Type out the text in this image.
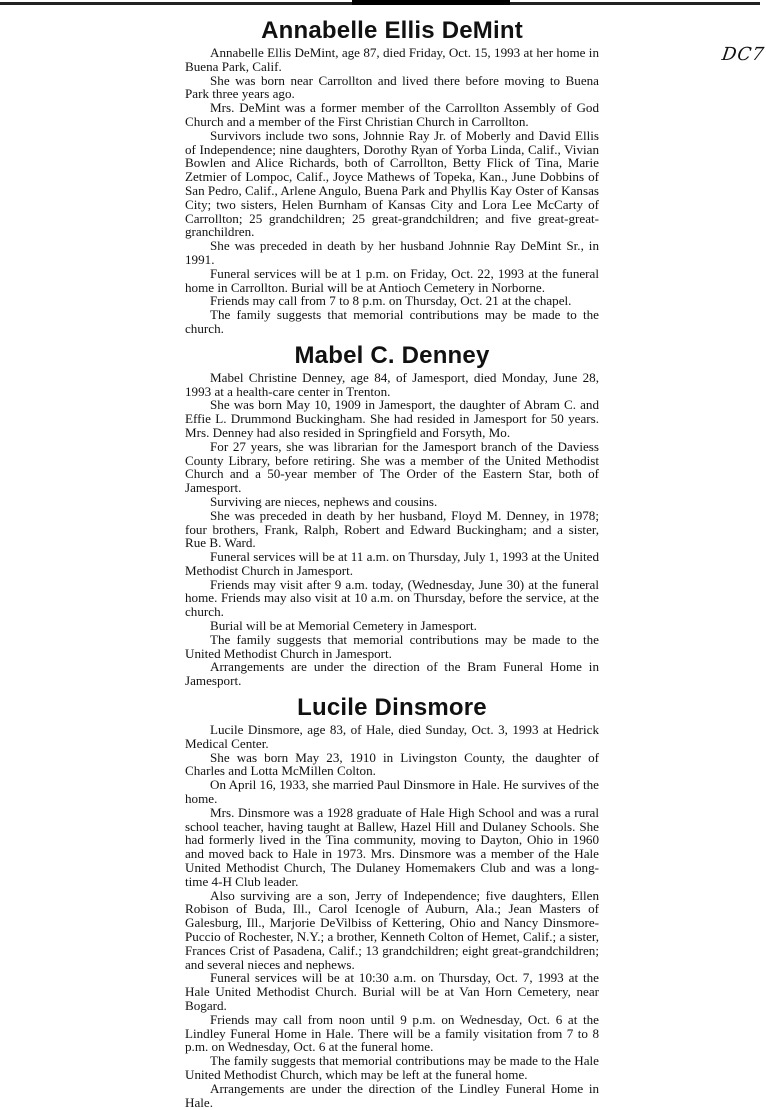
DC7
Annabelle Ellis DeMint

Annabelle Ellis DeMint, age 87, died Friday, Oct. 15, 1993 at her home in Buena Park, Calif.

She was born near Carrollton and lived there before moving to Buena Park three years ago.

Mrs. DeMint was a former member of the Carrollton Assembly of God Church and a member of the First Christian Church in Carrollton.

Survivors include two sons, Johnnie Ray Jr. of Moberly and David Ellis of Independence; nine daughters, Dorothy Ryan of Yorba Linda, Calif., Vivian Bowlen and Alice Richards, both of Carrollton, Betty Flick of Tina, Marie Zetmier of Lompoc, Calif., Joyce Mathews of Topeka, Kan., June Dobbins of San Pedro, Calif., Arlene Angulo, Buena Park and Phyllis Kay Oster of Kansas City; two sisters, Helen Burnham of Kansas City and Lora Lee McCarty of Carrollton; 25 grandchildren; 25 great-grandchildren; and five great-great-granchildren.

She was preceded in death by her husband Johnnie Ray DeMint Sr., in 1991.

Funeral services will be at 1 p.m. on Friday, Oct. 22, 1993 at the funeral home in Carrollton. Burial will be at Antioch Cemetery in Norborne.

Friends may call from 7 to 8 p.m. on Thursday, Oct. 21 at the chapel.

The family suggests that memorial contributions may be made to the church.

Mabel C. Denney

Mabel Christine Denney, age 84, of Jamesport, died Monday, June 28, 1993 at a health-care center in Trenton.

She was born May 10, 1909 in Jamesport, the daughter of Abram C. and Effie L. Drummond Buckingham. She had resided in Jamesport for 50 years. Mrs. Denney had also resided in Springfield and Forsyth, Mo.

For 27 years, she was librarian for the Jamesport branch of the Daviess County Library, before retiring. She was a member of the United Methodist Church and a 50-year member of The Order of the Eastern Star, both of Jamesport.

Surviving are nieces, nephews and cousins.

She was preceded in death by her husband, Floyd M. Denney, in 1978; four brothers, Frank, Ralph, Robert and Edward Buckingham; and a sister, Rue B. Ward.

Funeral services will be at 11 a.m. on Thursday, July 1, 1993 at the United Methodist Church in Jamesport.

Friends may visit after 9 a.m. today, (Wednesday, June 30) at the funeral home. Friends may also visit at 10 a.m. on Thursday, before the service, at the church.

Burial will be at Memorial Cemetery in Jamesport.

The family suggests that memorial contributions may be made to the United Methodist Church in Jamesport.

Arrangements are under the direction of the Bram Funeral Home in Jamesport.

Lucile Dinsmore

Lucile Dinsmore, age 83, of Hale, died Sunday, Oct. 3, 1993 at Hedrick Medical Center.

She was born May 23, 1910 in Livingston County, the daughter of Charles and Lotta McMillen Colton.

On April 16, 1933, she married Paul Dinsmore in Hale. He survives of the home.

Mrs. Dinsmore was a 1928 graduate of Hale High School and was a rural school teacher, having taught at Ballew, Hazel Hill and Dulaney Schools. She had formerly lived in the Tina community, moving to Dayton, Ohio in 1960 and moved back to Hale in 1973. Mrs. Dinsmore was a member of the Hale United Methodist Church, The Dulaney Homemakers Club and was a long-time 4-H Club leader.

Also surviving are a son, Jerry of Independence; five daughters, Ellen Robison of Buda, Ill., Carol Icenogle of Auburn, Ala.; Jean Masters of Galesburg, Ill., Marjorie DeVilbiss of Kettering, Ohio and Nancy Dinsmore-Puccio of Rochester, N.Y.; a brother, Kenneth Colton of Hemet, Calif.; a sister, Frances Crist of Pasadena, Calif.; 13 grandchildren; eight great-grandchildren; and several nieces and nephews.

Funeral services will be at 10:30 a.m. on Thursday, Oct. 7, 1993 at the Hale United Methodist Church. Burial will be at Van Horn Cemetery, near Bogard.

Friends may call from noon until 9 p.m. on Wednesday, Oct. 6 at the Lindley Funeral Home in Hale. There will be a family visitation from 7 to 8 p.m. on Wednesday, Oct. 6 at the funeral home.

The family suggests that memorial contributions may be made to the Hale United Methodist Church, which may be left at the funeral home.

Arrangements are under the direction of the Lindley Funeral Home in Hale.
